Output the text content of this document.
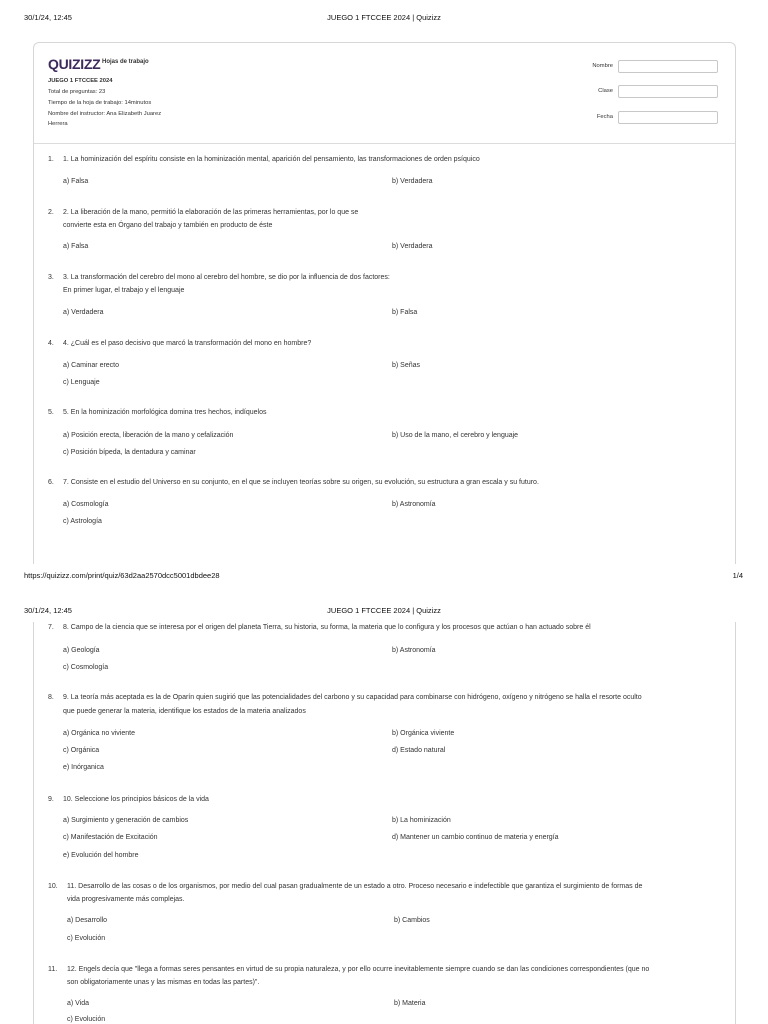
30/1/24, 12:45	JUEGO 1 FTCCEE 2024 | Quizizz
QUIZIZZ Hojas de trabajo
JUEGO 1 FTCCEE 2024
Total de preguntas: 23
Tiempo de la hoja de trabajo: 14minutos
Nombre del instructor: Ana Elizabeth Juarez
Herrera
Nombre
Clase
Fecha
https://quizizz.com/print/quiz/63d2aa2570dcc5001dbdee28	1/4
30/1/24, 12:45	JUEGO 1 FTCCEE 2024 | Quizizz
1. 1. La hominización del espíritu consiste en la hominización mental, aparición del pensamiento, las transformaciones de orden psíquico
a) Falsa	b) Verdadera
2. 2. La liberación de la mano, permitió la elaboración de las primeras herramientas, por lo que se
convierte esta en Órgano del trabajo y también en producto de éste
a) Falsa	b) Verdadera
3. 3. La transformación del cerebro del mono al cerebro del hombre, se dio por la influencia de dos factores:
En primer lugar, el trabajo y el lenguaje
a) Verdadera	b) Falsa
4. 4. ¿Cuál es el paso decisivo que marcó la transformación del mono en hombre?
a) Caminar erecto	b) Señas
c) Lenguaje
5. 5. En la hominización morfológica domina tres hechos, indíquelos
a) Posición erecta, liberación de la mano y cefalización	b) Uso de la mano, el cerebro y lenguaje
c) Posición bípeda, la dentadura y caminar
6. 7. Consiste en el estudio del Universo en su conjunto, en el que se incluyen teorías sobre su origen, su evolución, su estructura a gran escala y su futuro.
a) Cosmología	b) Astronomía
c) Astrología
7. 8. Campo de la ciencia que se interesa por el origen del planeta Tierra, su historia, su forma, la materia que lo configura y los procesos que actúan o han actuado sobre él
a) Geología	b) Astronomía
c) Cosmología
8. 9. La teoría más aceptada es la de Oparín quien sugirió que las potencialidades del carbono y su capacidad para combinarse con hidrógeno, oxígeno y nitrógeno se halla el resorte oculto
que puede generar la materia, identifique los estados de la materia analizados
a) Orgánica no viviente	b) Orgánica viviente
c) Orgánica	d) Estado natural
e) Inórganica
9. 10. Seleccione los principios básicos de la vida
a) Surgimiento y generación de cambios	b) La hominización
c) Manifestación de Excitación	d) Mantener un cambio continuo de materia y energía
e) Evolución del hombre
10. 11. Desarrollo de las cosas o de los organismos, por medio del cual pasan gradualmente de un estado a otro. Proceso necesario e indefectible que garantiza el surgimiento de formas de
vida progresivamente más complejas.
a) Desarrollo	b) Cambios
c) Evolución
11. 12. Engels decía que "llega a formas seres pensantes en virtud de su propia naturaleza, y por ello ocurre inevitablemente siempre cuando se dan las condiciones correspondientes (que no
son obligatoriamente unas y las mismas en todas las partes)".
a) Vida	b) Materia
c) Evolución
